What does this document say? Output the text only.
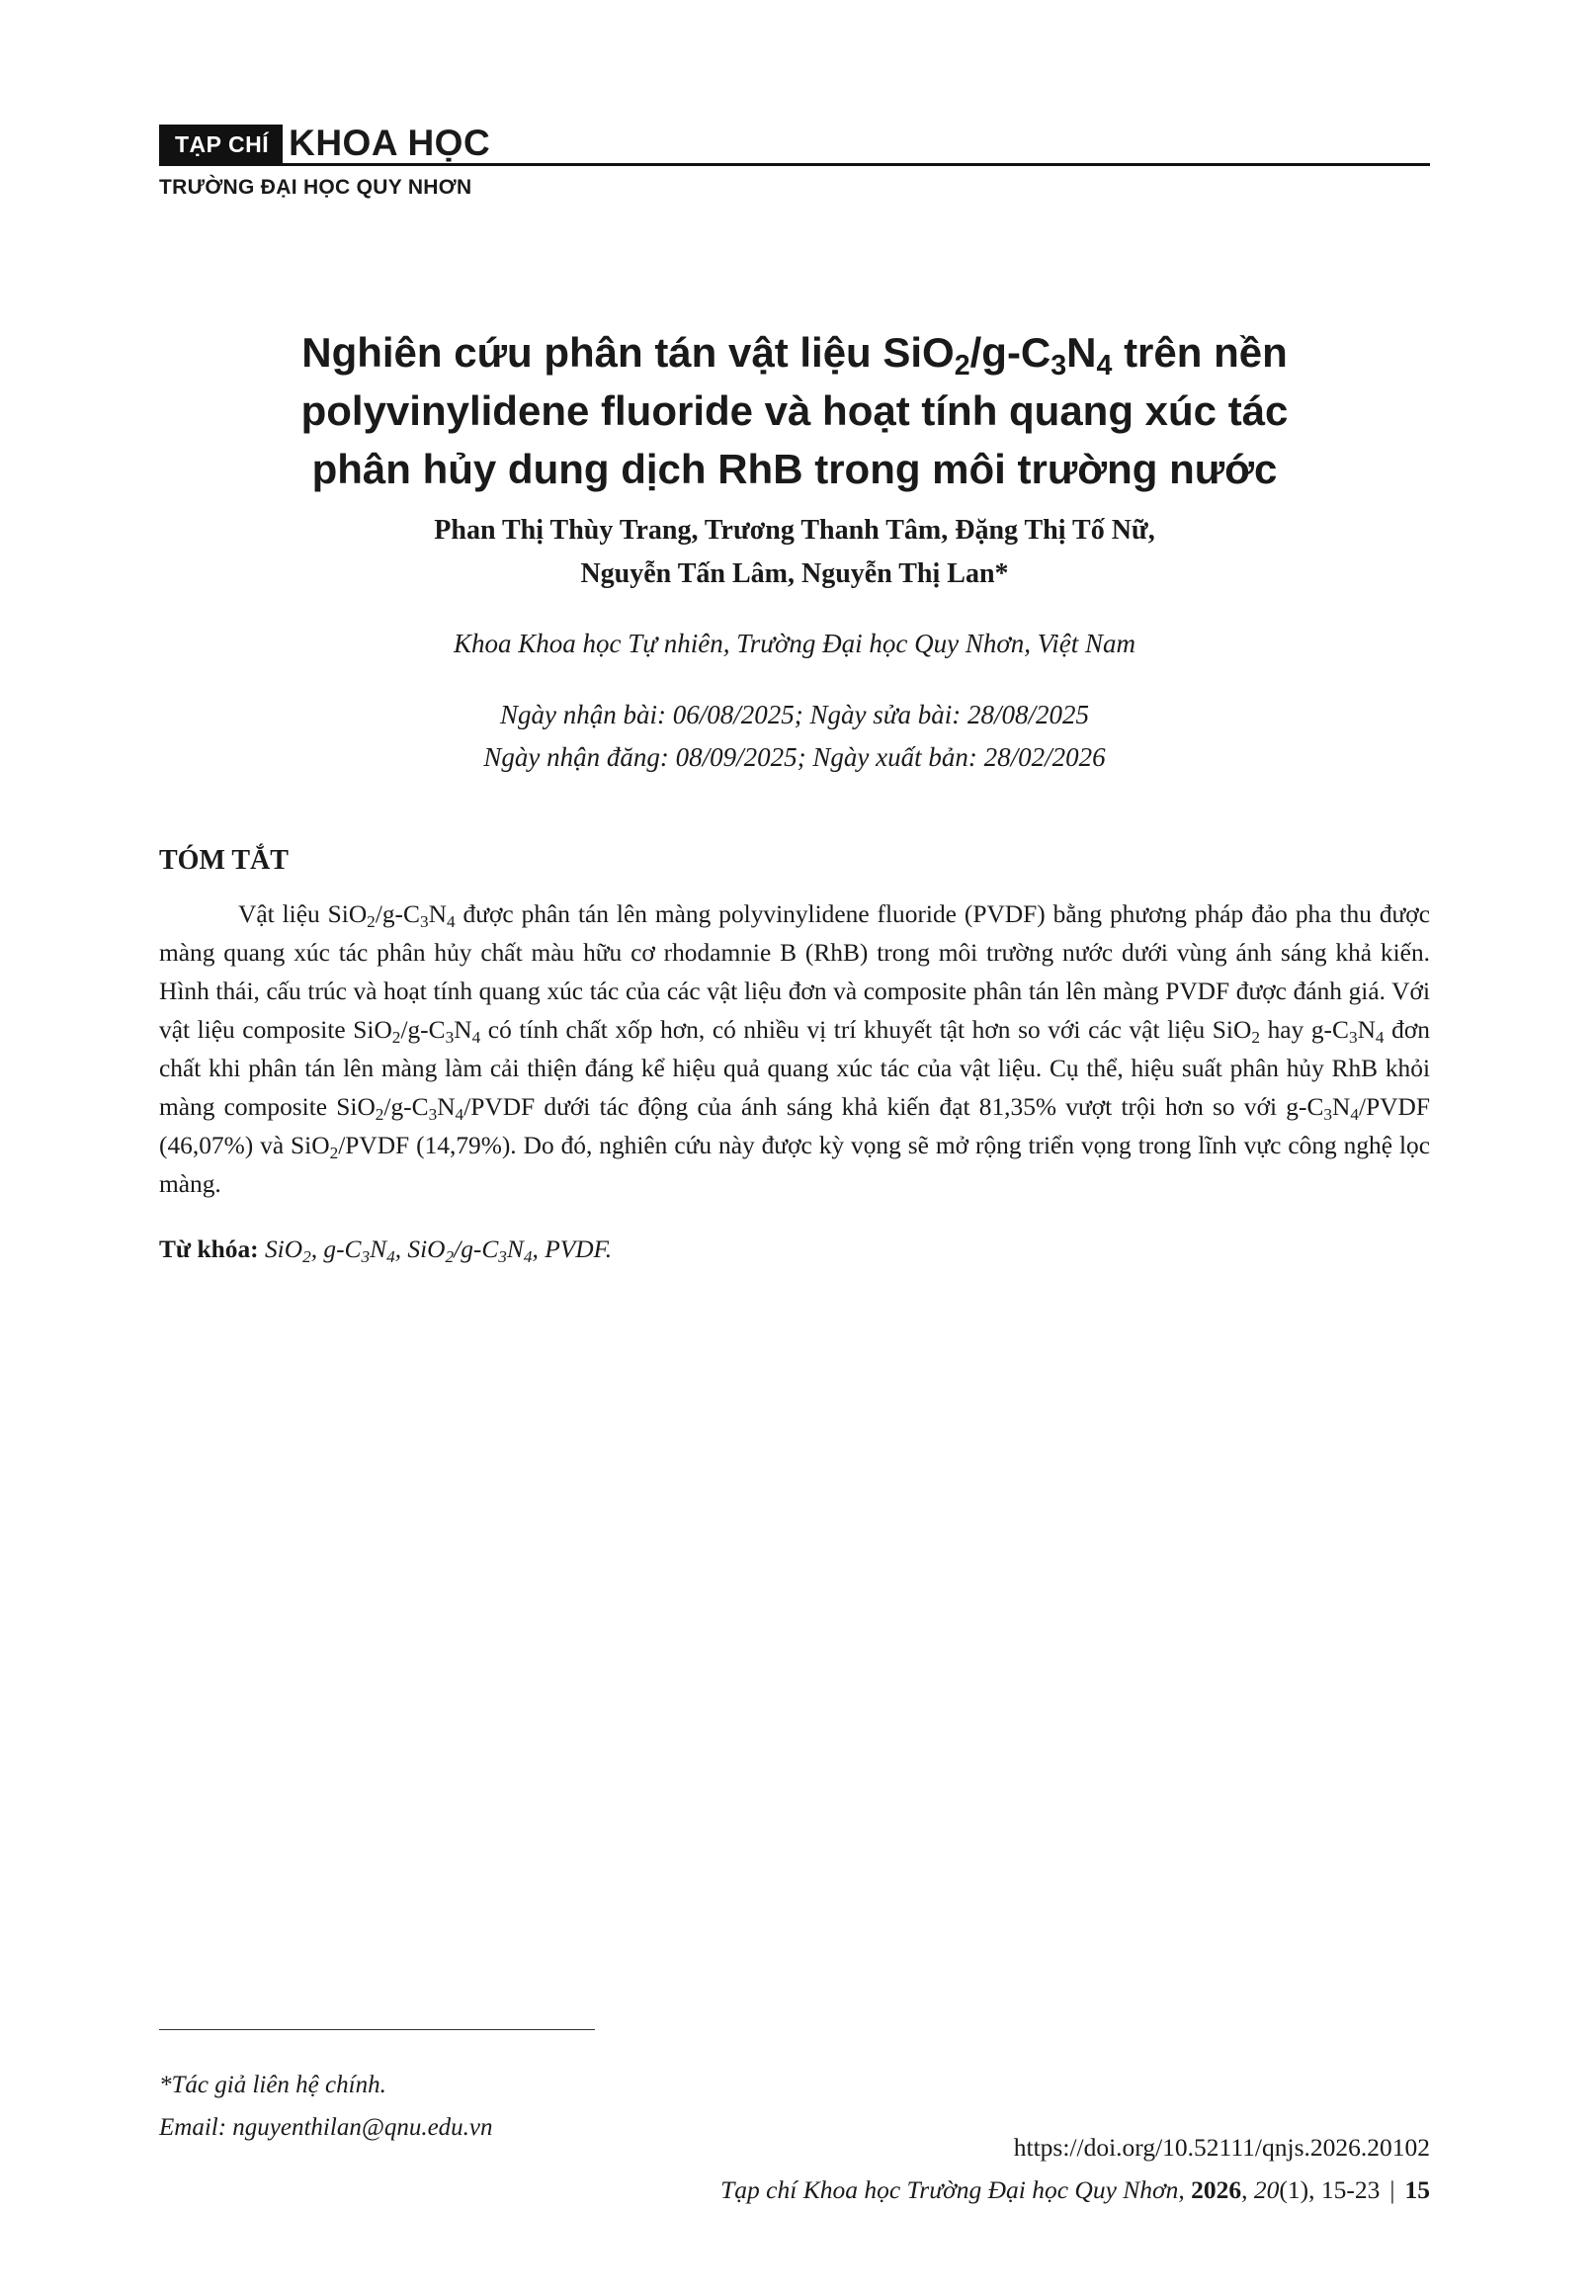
TẠP CHÍ KHOA HỌC
TRƯỜNG ĐẠI HỌC QUY NHƠN
Nghiên cứu phân tán vật liệu $SiO_2/g-C_3N_4$ trên nền
polyvinylidene fluoride và hoạt tính quang xúc tác
phân hủy dung dịch RhB trong môi trường nước
Phan Thị Thùy Trang, Trương Thanh Tâm, Đặng Thị Tố Nữ,
Nguyễn Tấn Lâm, Nguyễn Thị Lan*
Khoa Khoa học Tự nhiên, Trường Đại học Quy Nhơn, Việt Nam
Ngày nhận bài: 06/08/2025; Ngày sửa bài: 28/08/2025
Ngày nhận đăng: 08/09/2025; Ngày xuất bản: 28/02/2026
TÓM TẮT
Vật liệu $SiO_2/g-C_3N_4$ được phân tán lên màng polyvinylidene fluoride (PVDF) bằng phương pháp đảo pha thu được màng quang xúc tác phân hủy chất màu hữu cơ rhodamnie B (RhB) trong môi trường nước dưới vùng ánh sáng khả kiến. Hình thái, cấu trúc và hoạt tính quang xúc tác của các vật liệu đơn và composite phân tán lên màng PVDF được đánh giá. Với vật liệu composite $SiO_2/g-C_3N_4$ có tính chất xốp hơn, có nhiều vị trí khuyết tật hơn so với các vật liệu SiO$_2$ hay $g-C_3N_4$ đơn chất khi phân tán lên màng làm cải thiện đáng kể hiệu quả quang xúc tác của vật liệu. Cụ thể, hiệu suất phân hủy RhB khỏi màng composite $SiO_2/g-C_3N_4$/PVDF dưới tác động của ánh sáng khả kiến đạt 81,35% vượt trội hơn so với $g-C_3N_4$/PVDF (46,07%) và SiO$_2$/PVDF (14,79%). Do đó, nghiên cứu này được kỳ vọng sẽ mở rộng triển vọng trong lĩnh vực công nghệ lọc màng.
Từ khóa: SiO$_2$, $g-C_3N_4$, $SiO_2/g-C_3N_4$, PVDF.
*Tác giả liên hệ chính.
Email: nguyenthilan@qnu.edu.vn
https://doi.org/10.52111/qnjs.2026.20102
Tạp chí Khoa học Trường Đại học Quy Nhơn, 2026, 20(1), 15-23 | 15
